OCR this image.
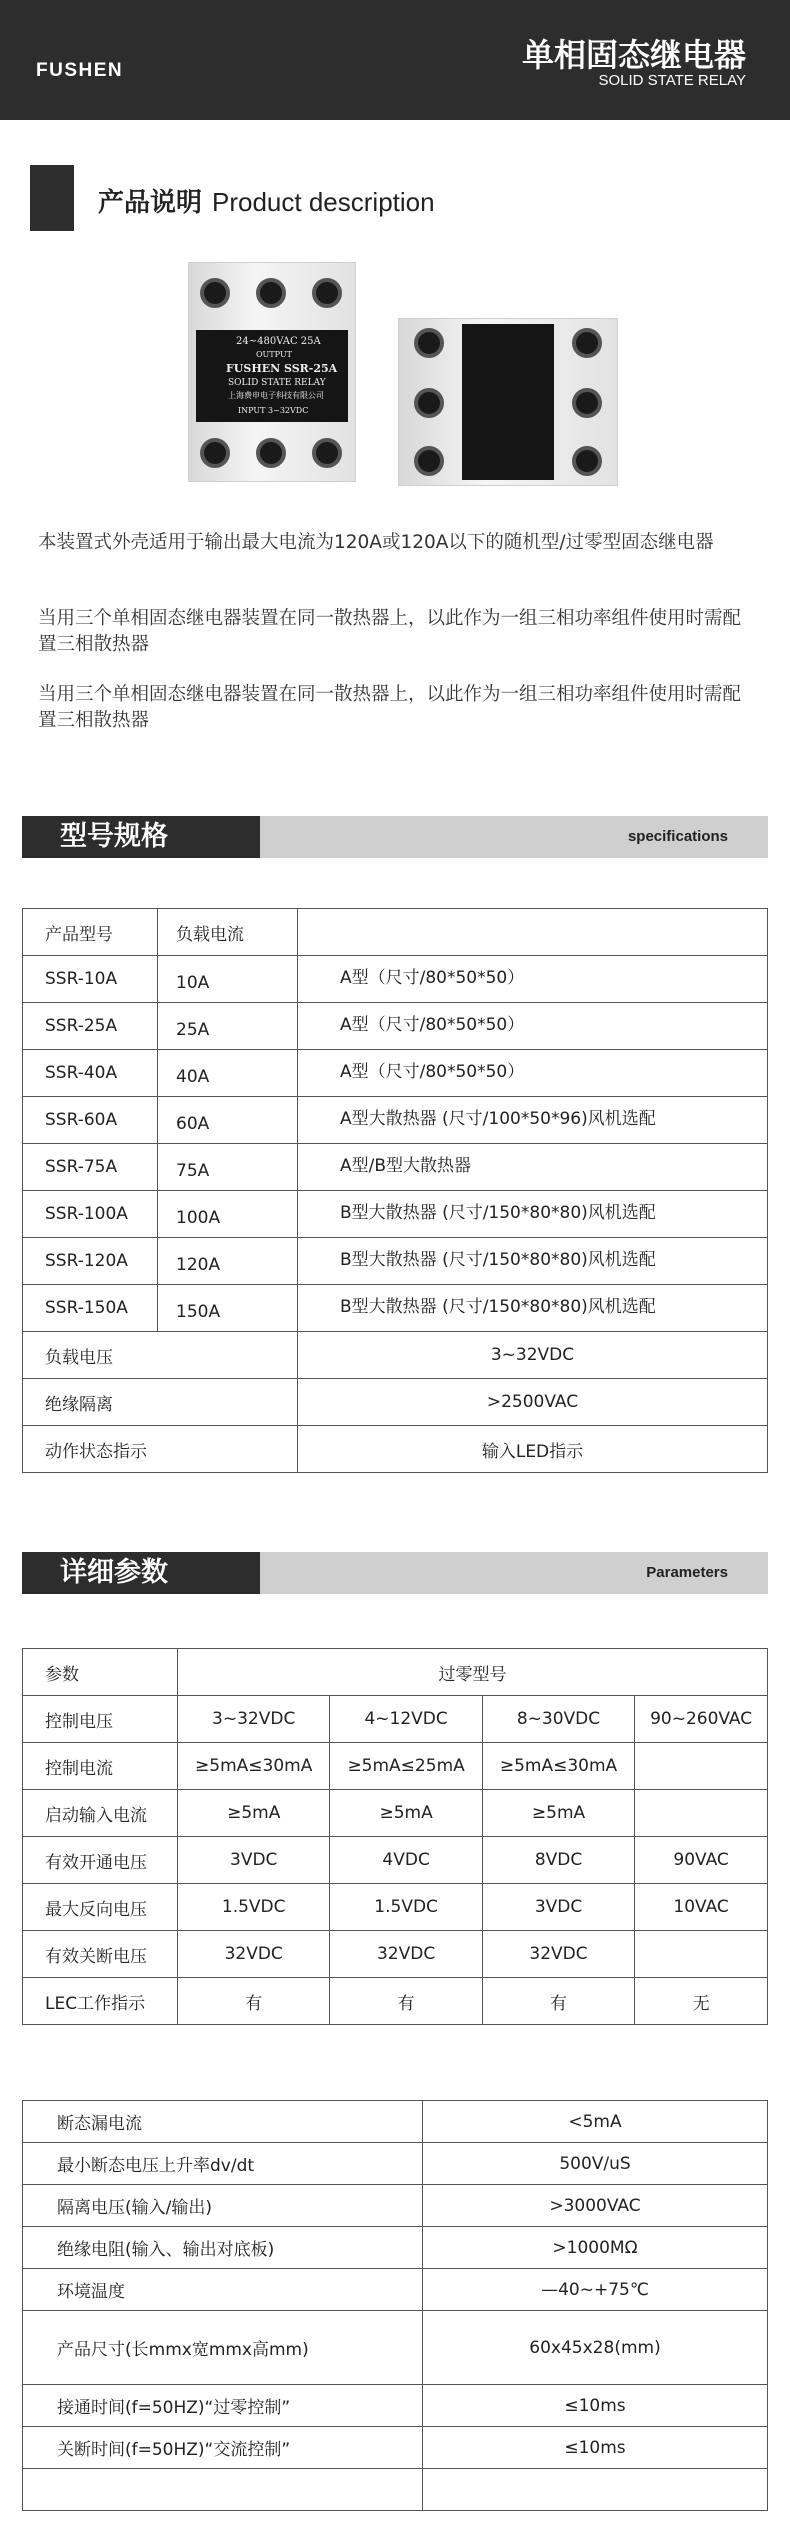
FUSHEN	单相固态继电器
SOLID STATE RELAY
产品说明 Product description
24~480VAC 25A
OUTPUT
FUSHEN SSR-25A
SOLID STATE RELAY
上海费申电子科技有限公司
INPUT 3~32VDC
本装置式外壳适用于输出最大电流为120A或120A以下的随机型/过零型固态继电器
当用三个单相固态继电器装置在同一散热器上，以此作为一组三相功率组件使用时需配置三相散热器
当用三个单相固态继电器装置在同一散热器上，以此作为一组三相功率组件使用时需配置三相散热器
型号规格	specifications
产品型号	负载电流	
SSR-10A	10A	A型（尺寸/80*50*50）
SSR-25A	25A	A型（尺寸/80*50*50）
SSR-40A	40A	A型（尺寸/80*50*50）
SSR-60A	60A	A型大散热器 (尺寸/100*50*96)风机选配
SSR-75A	75A	A型/B型大散热器
SSR-100A	100A	B型大散热器 (尺寸/150*80*80)风机选配
SSR-120A	120A	B型大散热器 (尺寸/150*80*80)风机选配
SSR-150A	150A	B型大散热器 (尺寸/150*80*80)风机选配
负载电压		3~32VDC
绝缘隔离		>2500VAC
动作状态指示		输入LED指示
详细参数	Parameters
参数	过零型号			
控制电压	3~32VDC	4~12VDC	8~30VDC	90~260VAC
控制电流	≥5mA≤30mA	≥5mA≤25mA	≥5mA≤30mA	
启动输入电流	≥5mA	≥5mA	≥5mA	
有效开通电压	3VDC	4VDC	8VDC	90VAC
最大反向电压	1.5VDC	1.5VDC	3VDC	10VAC
有效关断电压	32VDC	32VDC	32VDC	
LEC工作指示	有	有	有	无
断态漏电流	<5mA
最小断态电压上升率dv/dt	500V/uS
隔离电压(输入/输出)	>3000VAC
绝缘电阻(输入、输出对底板)	>1000MΩ
环境温度	—40~+75℃
产品尺寸(长mmx宽mmx高mm)	60x45x28(mm)
接通时间(f=50HZ)“过零控制”	≤10ms
关断时间(f=50HZ)“交流控制”	≤10ms
